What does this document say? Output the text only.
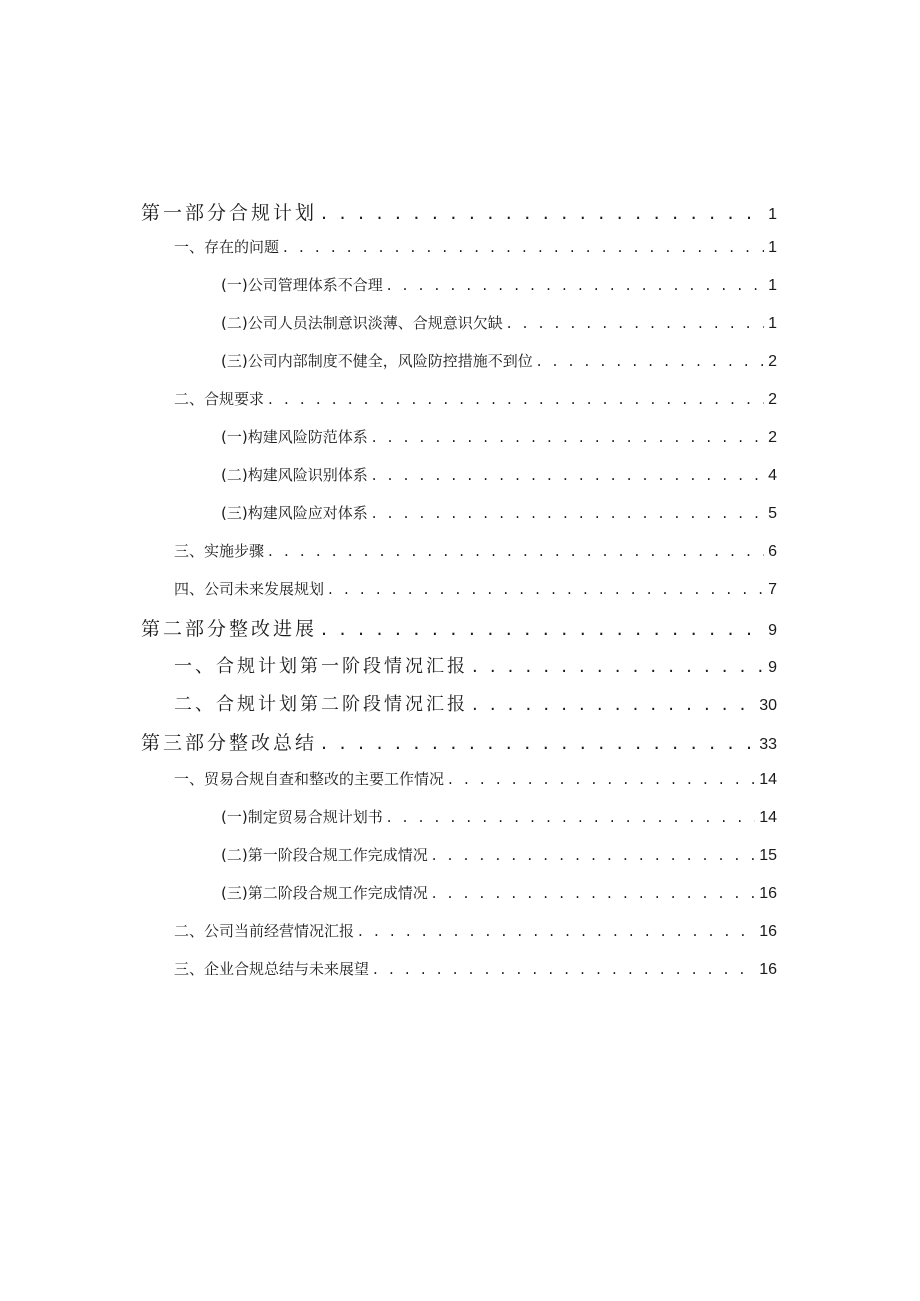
第一部分合规计划 . . .	1
一、存在的问题 . . .	1
(一)公司管理体系不合理 . . .	1
(二)公司人员法制意识淡薄、合规意识欠缺 . . .	1
(三)公司内部制度不健全，风险防控措施不到位 . . .	2
二、合规要求 . . .	2
(一)构建风险防范体系 . . .	2
(二)构建风险识别体系 . . .	4
(三)构建风险应对体系 . . .	5
三、实施步骤 . . .	6
四、公司未来发展规划 . . .	7
第二部分整改进展 . . .	9
一、合规计划第一阶段情况汇报 . . .	9
二、合规计划第二阶段情况汇报 . . .	30
第三部分整改总结 . . .	33
一、贸易合规自查和整改的主要工作情况 . . .	14
(一)制定贸易合规计划书 . . .	14
(二)第一阶段合规工作完成情况 . . .	15
(三)第二阶段合规工作完成情况 . . .	16
二、公司当前经营情况汇报 . . .	16
三、企业合规总结与未来展望 . . .	16
